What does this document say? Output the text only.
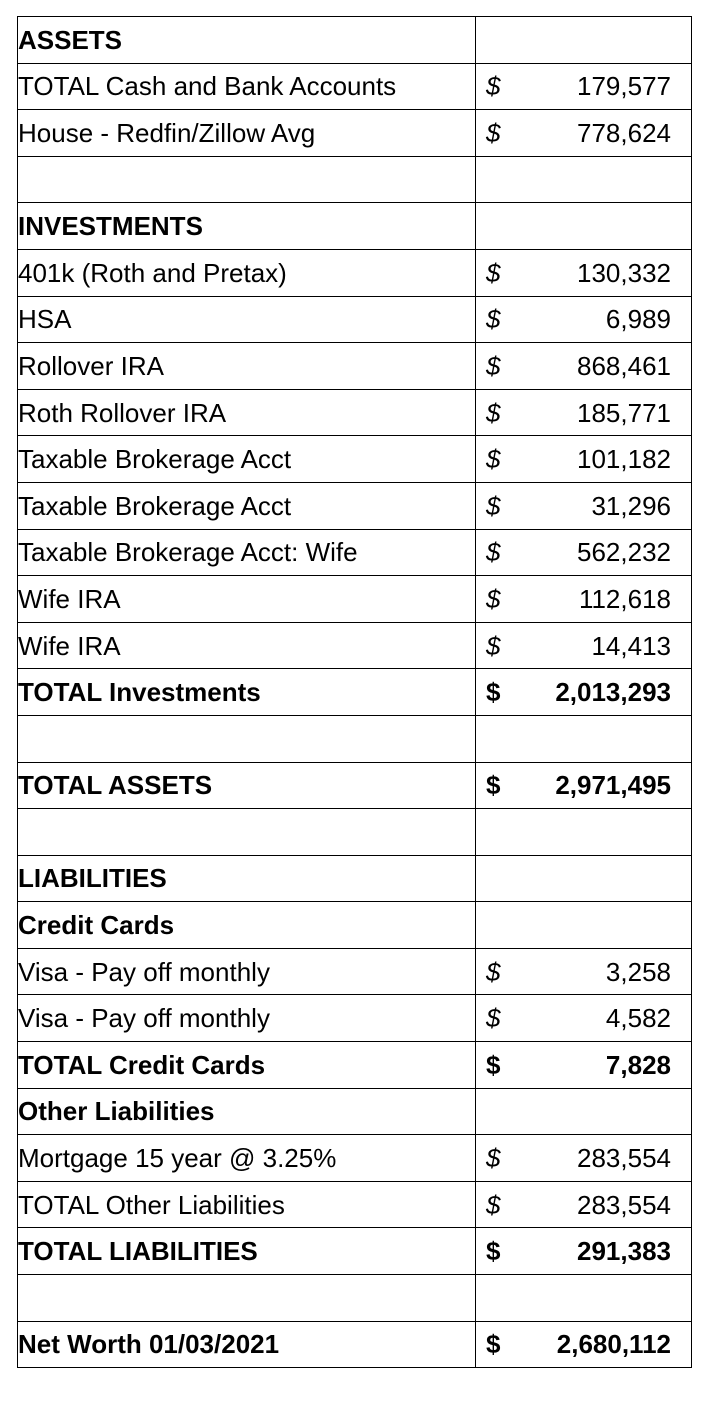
ASSETS	

TOTAL Cash and Bank Accounts	$ 179,577

House - Redfin/Zillow Avg	$ 778,624

INVESTMENTS	

401k (Roth and Pretax)	$ 130,332

HSA	$ 6,989

Rollover IRA	$ 868,461

Roth Rollover IRA	$ 185,771

Taxable Brokerage Acct	$ 101,182

Taxable Brokerage Acct	$ 31,296

Taxable Brokerage Acct: Wife	$ 562,232

Wife IRA	$ 112,618

Wife IRA	$ 14,413

TOTAL Investments	$ 2,013,293

TOTAL ASSETS	$ 2,971,495

LIABILITIES	

Credit Cards	

Visa - Pay off monthly	$ 3,258

Visa - Pay off monthly	$ 4,582

TOTAL Credit Cards	$ 7,828

Other Liabilities	

Mortgage 15 year @ 3.25%	$ 283,554

TOTAL Other Liabilities	$ 283,554

TOTAL LIABILITIES	$ 291,383

Net Worth 01/03/2021	$ 2,680,112
